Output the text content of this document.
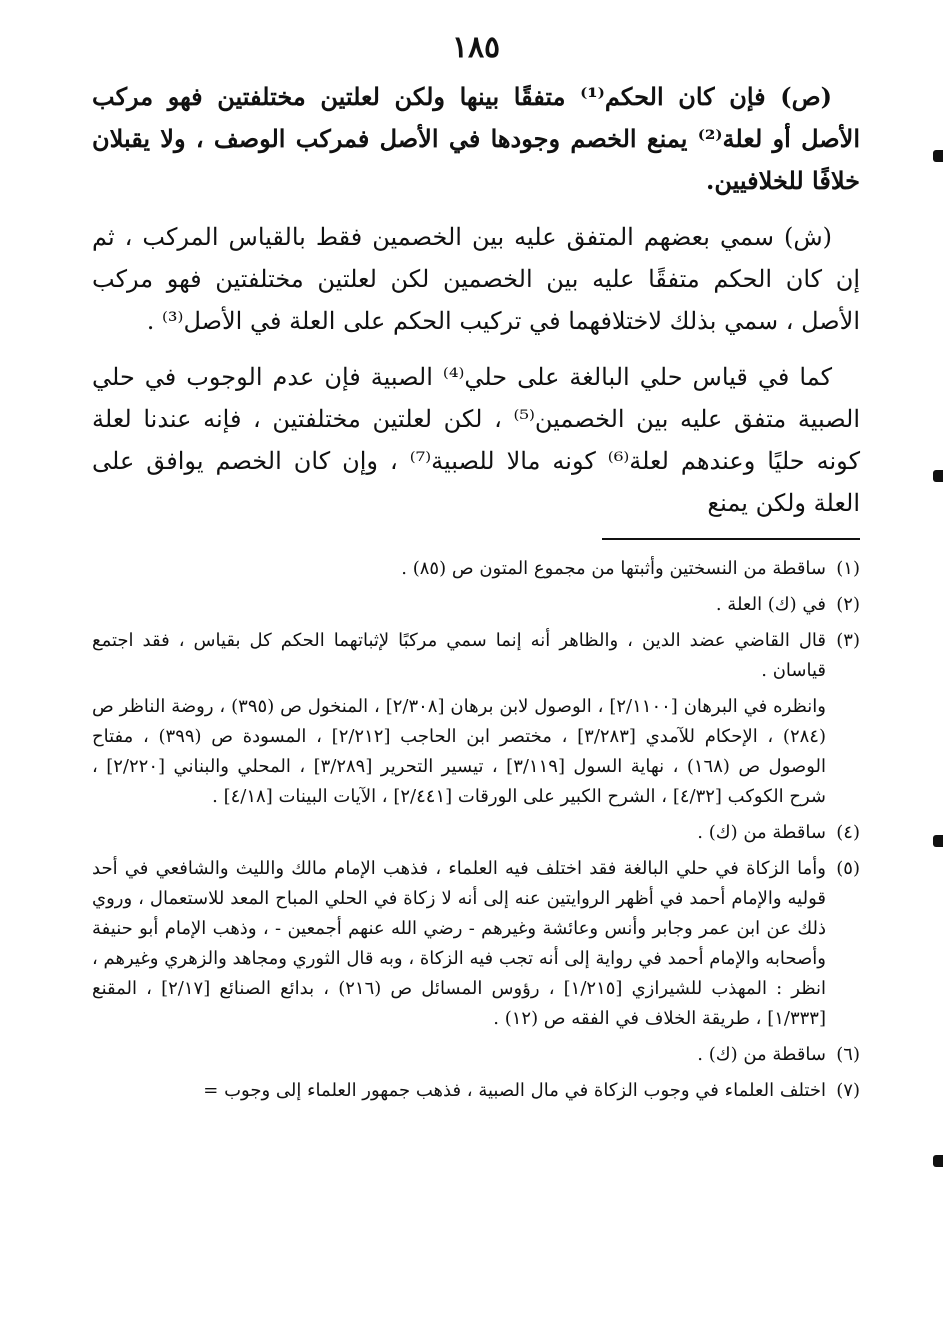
١٨٥

(ص) فإن كان الحكم⁽¹⁾ متفقًا بينها ولكن لعلتين مختلفتين فهو مركب الأصل أو لعلة⁽²⁾ يمنع الخصم وجودها في الأصل فمركب الوصف ، ولا يقبلان خلافًا للخلافيين.

(ش) سمي بعضهم المتفق عليه بين الخصمين فقط بالقياس المركب ، ثم إن كان الحكم متفقًا عليه بين الخصمين لكن لعلتين مختلفتين فهو مركب الأصل ، سمي بذلك لاختلافهما في تركيب الحكم على العلة في الأصل⁽³⁾ .

كما في قياس حلي البالغة على حلي⁽⁴⁾ الصبية فإن عدم الوجوب في حلي الصبية متفق عليه بين الخصمين⁽⁵⁾ ، لكن لعلتين مختلفتين ، فإنه عندنا لعلة كونه حليًا وعندهم لعلة⁽⁶⁾ كونه مالا للصبية⁽⁷⁾ ، وإن كان الخصم يوافق على العلة ولكن يمنع

(١)
ساقطة من النسختين وأثبتها من مجموع المتون ص (٨٥) .
(٢)
في (ك) العلة .
(٣)
قال القاضي عضد الدين ، والظاهر أنه إنما سمي مركبًا لإثباتهما الحكم كل بقياس ، فقد اجتمع قياسان .
وانظره في البرهان [٢/١١٠٠] ، الوصول لابن برهان [٢/٣٠٨] ، المنخول ص (٣٩٥) ، روضة الناظر ص (٢٨٤) ، الإحكام للآمدي [٣/٢٨٣] ، مختصر ابن الحاجب [٢/٢١٢] ، المسودة ص (٣٩٩) ، مفتاح الوصول ص (١٦٨) ، نهاية السول [٣/١١٩] ، تيسير التحرير [٣/٢٨٩] ، المحلي والبناني [٢/٢٢٠] ، شرح الكوكب [٤/٣٢] ، الشرح الكبير على الورقات [٢/٤٤١] ، الآيات البينات [٤/١٨] .
(٤)
ساقطة من (ك) .
(٥)
وأما الزكاة في حلي البالغة فقد اختلف فيه العلماء ، فذهب الإمام مالك والليث والشافعي في أحد قوليه والإمام أحمد في أظهر الروايتين عنه إلى أنه لا زكاة في الحلي المباح المعد للاستعمال ، وروي ذلك عن ابن عمر وجابر وأنس وعائشة وغيرهم - رضي الله عنهم أجمعين - ، وذهب الإمام أبو حنيفة وأصحابه والإمام أحمد في رواية إلى أنه تجب فيه الزكاة ، وبه قال الثوري ومجاهد والزهري وغيرهم ، انظر : المهذب للشيرازي [١/٢١٥] ، رؤوس المسائل ص (٢١٦) ، بدائع الصنائع [٢/١٧] ، المقنع [١/٣٣٣] ، طريقة الخلاف في الفقه ص (١٢) .
(٦)
ساقطة من (ك) .
(٧)
اختلف العلماء في وجوب الزكاة في مال الصبية ، فذهب جمهور العلماء إلى وجوب =
